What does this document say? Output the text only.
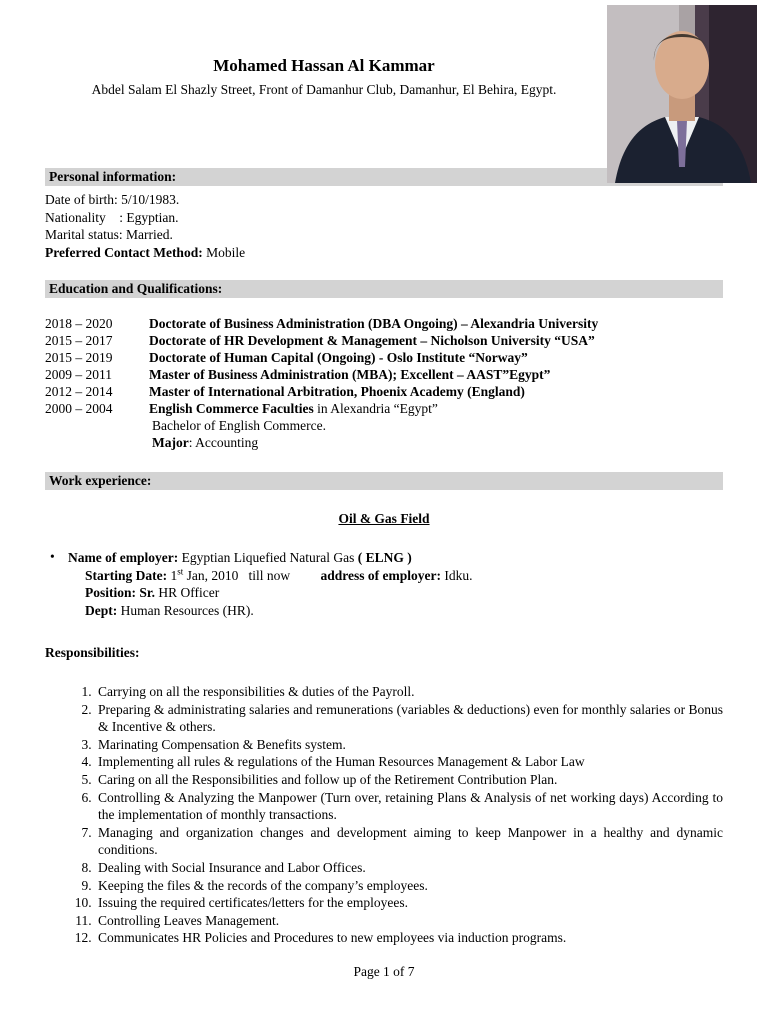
Mohamed Hassan Al Kammar

Abdel Salam El Shazly Street, Front of Damanhur Club, Damanhur, El Behira, Egypt.

Personal information:

Date of birth: 5/10/1983.

Nationality    : Egyptian.

Marital status: Married.

Preferred Contact Method: Mobile

Education and Qualifications:
2018 – 2020	Doctorate of Business Administration (DBA Ongoing) – Alexandria University
2015 – 2017	Doctorate of HR Development & Management – Nicholson University “USA”
2015 – 2019	Doctorate of Human Capital (Ongoing) - Oslo Institute “Norway”
2009 – 2011	Master of Business Administration (MBA); Excellent – AAST”Egypt”
2012 – 2014	Master of International Arbitration, Phoenix Academy (England)
2000 – 2004	English Commerce Faculties in Alexandria “Egypt”
Bachelor of English Commerce.
Major: Accounting
Work experience:
Oil & Gas Field
• Name of employer: Egyptian Liquefied Natural Gas ( ELNG )
Starting Date: 1st Jan, 2010   till now         address of employer: Idku.
Position: Sr. HR Officer
Dept: Human Resources (HR).

Responsibilities:

1. Carrying on all the responsibilities & duties of the Payroll.
2. Preparing & administrating salaries and remunerations (variables & deductions) even for monthly salaries or Bonus & Incentive & others.
3. Marinating Compensation & Benefits system.
4. Implementing all rules & regulations of the Human Resources Management & Labor Law
5. Caring on all the Responsibilities and follow up of the Retirement Contribution Plan.
6. Controlling & Analyzing the Manpower (Turn over, retaining Plans & Analysis of net working days) According to the implementation of monthly transactions.
7. Managing and organization changes and development aiming to keep Manpower in a healthy and dynamic conditions.
8. Dealing with Social Insurance and Labor Offices.
9. Keeping the files & the records of the company’s employees.
10. Issuing the required certificates/letters for the employees.
11. Controlling Leaves Management.
12. Communicates HR Policies and Procedures to new employees via induction programs.
Page 1 of 7
